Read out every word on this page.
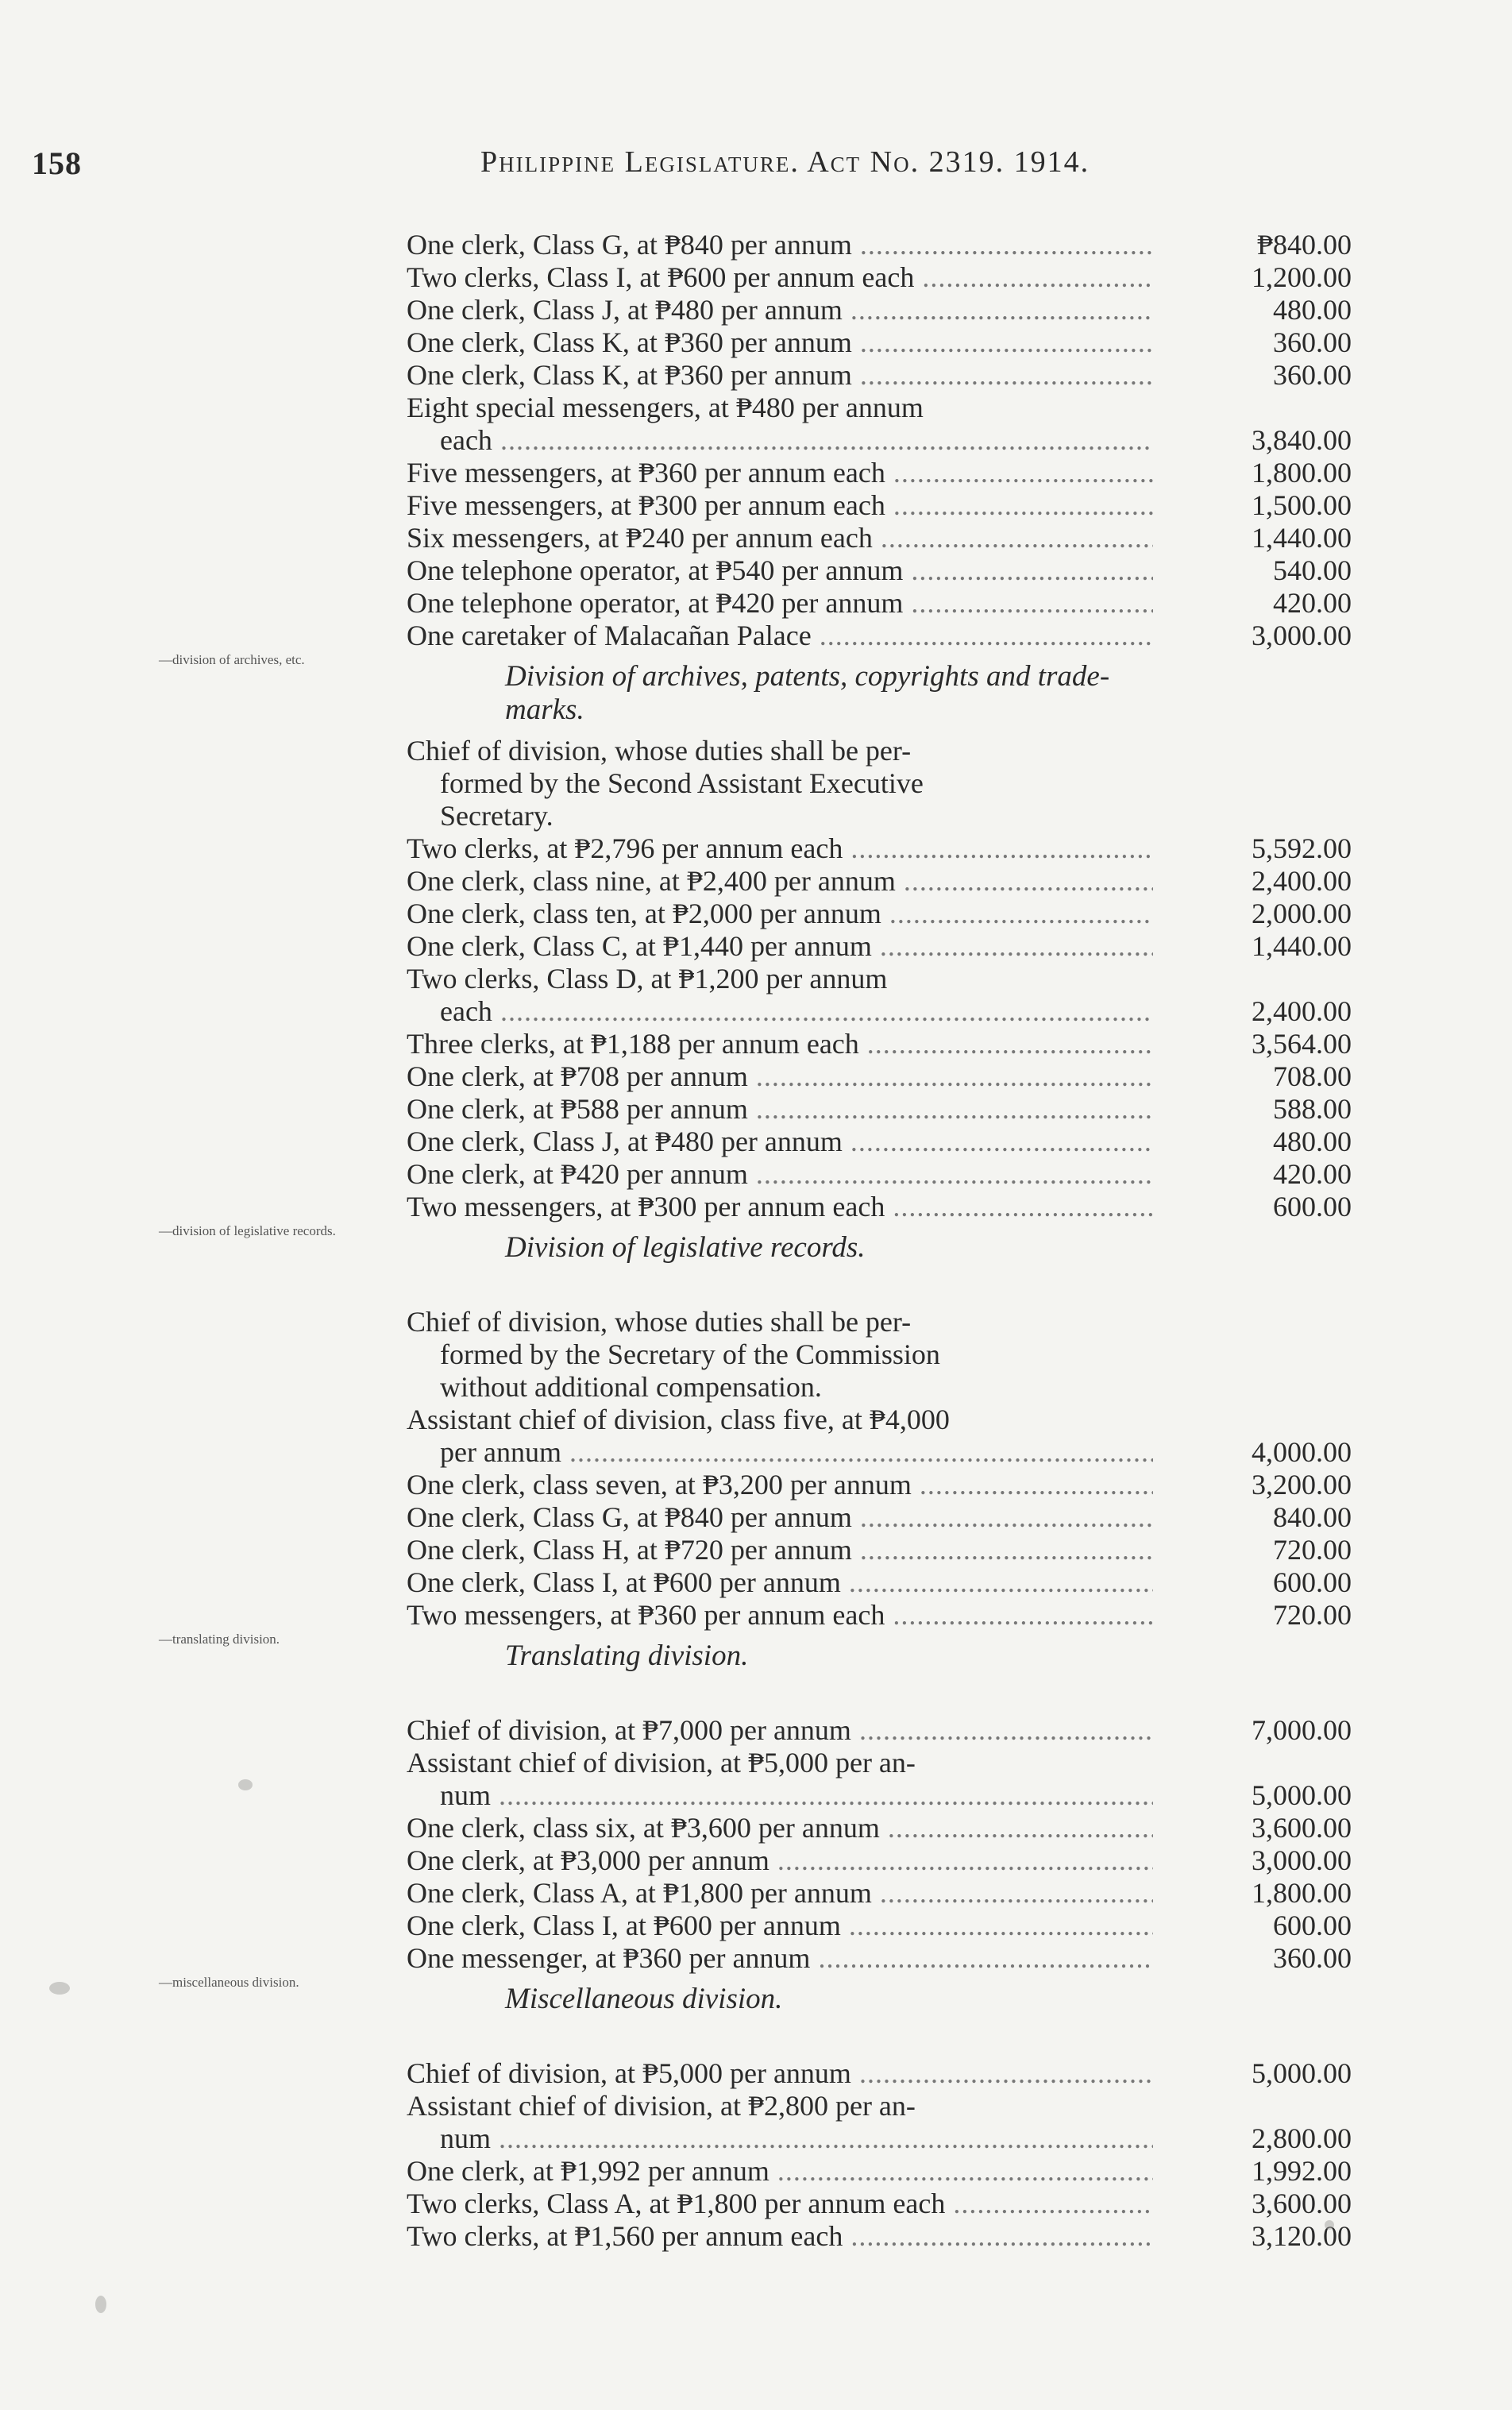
158	Philippine Legislature. Act No. 2319. 1914.
One clerk, Class G, at ₱840 per annum .....	₱840.00
Two clerks, Class I, at ₱600 per annum each .....	1,200.00
One clerk, Class J, at ₱480 per annum .....	480.00
One clerk, Class K, at ₱360 per annum .....	360.00
One clerk, Class K, at ₱360 per annum .....	360.00
Eight special messengers, at ₱480 per annum
each .....	3,840.00
Five messengers, at ₱360 per annum each .....	1,800.00
Five messengers, at ₱300 per annum each .....	1,500.00
Six messengers, at ₱240 per annum each .....	1,440.00
One telephone operator, at ₱540 per annum .....	540.00
One telephone operator, at ₱420 per annum .....	420.00
One caretaker of Malacañan Palace .....	3,000.00
—division of archives, etc.
Division of archives, patents, copyrights and trade-marks.
Chief of division, whose duties shall be per-
formed by the Second Assistant Executive
Secretary.
Two clerks, at ₱2,796 per annum each .....	5,592.00
One clerk, class nine, at ₱2,400 per annum .....	2,400.00
One clerk, class ten, at ₱2,000 per annum .....	2,000.00
One clerk, Class C, at ₱1,440 per annum .....	1,440.00
Two clerks, Class D, at ₱1,200 per annum
each .....	2,400.00
Three clerks, at ₱1,188 per annum each .....	3,564.00
One clerk, at ₱708 per annum .....	708.00
One clerk, at ₱588 per annum .....	588.00
One clerk, Class J, at ₱480 per annum .....	480.00
One clerk, at ₱420 per annum .....	420.00
Two messengers, at ₱300 per annum each .....	600.00
—division of legislative records.
Division of legislative records.
Chief of division, whose duties shall be per-
formed by the Secretary of the Commission
without additional compensation.
Assistant chief of division, class five, at ₱4,000
per annum .....	4,000.00
One clerk, class seven, at ₱3,200 per annum .....	3,200.00
One clerk, Class G, at ₱840 per annum .....	840.00
One clerk, Class H, at ₱720 per annum .....	720.00
One clerk, Class I, at ₱600 per annum .....	600.00
Two messengers, at ₱360 per annum each .....	720.00
—translating division.
Translating division.
Chief of division, at ₱7,000 per annum .....	7,000.00
Assistant chief of division, at ₱5,000 per an-
num .....	5,000.00
One clerk, class six, at ₱3,600 per annum .....	3,600.00
One clerk, at ₱3,000 per annum .....	3,000.00
One clerk, Class A, at ₱1,800 per annum .....	1,800.00
One clerk, Class I, at ₱600 per annum .....	600.00
One messenger, at ₱360 per annum .....	360.00
—miscellaneous division.
Miscellaneous division.
Chief of division, at ₱5,000 per annum .....	5,000.00
Assistant chief of division, at ₱2,800 per an-
num .....	2,800.00
One clerk, at ₱1,992 per annum .....	1,992.00
Two clerks, Class A, at ₱1,800 per annum each .....	3,600.00
Two clerks, at ₱1,560 per annum each .....	3,120.00
